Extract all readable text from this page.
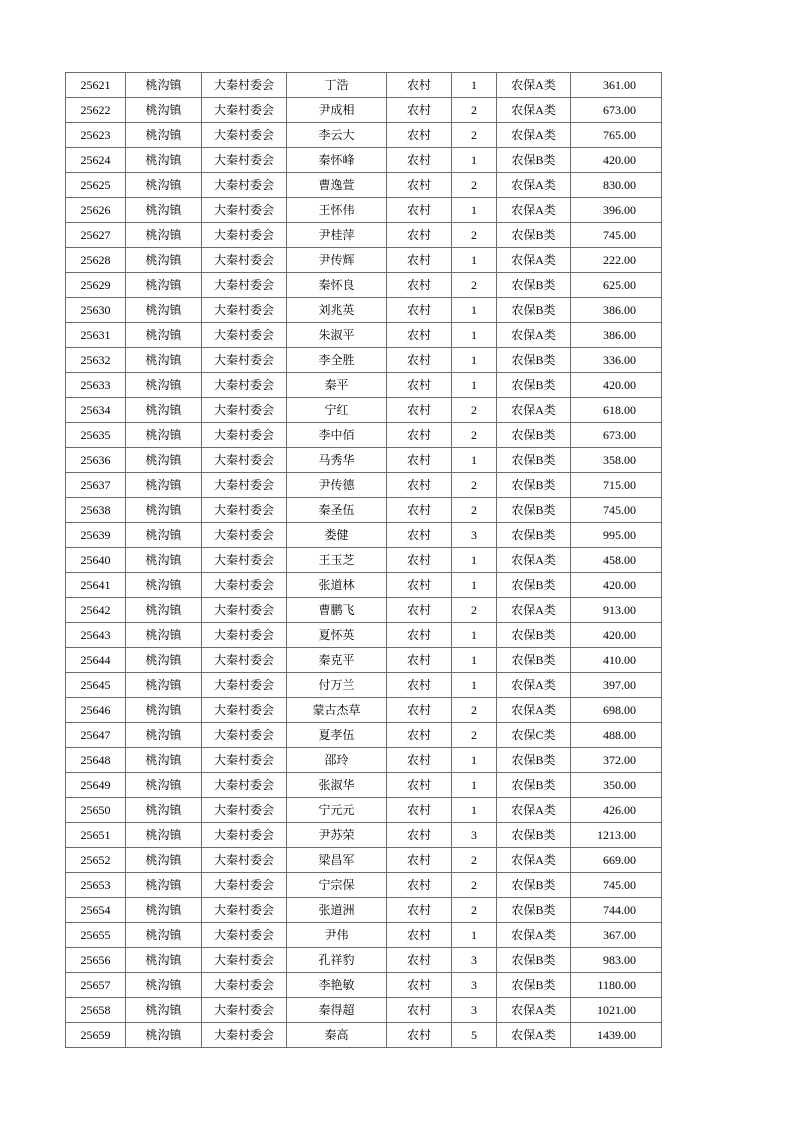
25621	桃沟镇	大秦村委会	丁浩	农村	1	农保A类	361.00
25622	桃沟镇	大秦村委会	尹成相	农村	2	农保A类	673.00
25623	桃沟镇	大秦村委会	李云大	农村	2	农保A类	765.00
25624	桃沟镇	大秦村委会	秦怀峰	农村	1	农保B类	420.00
25625	桃沟镇	大秦村委会	曹逸萱	农村	2	农保A类	830.00
25626	桃沟镇	大秦村委会	王怀伟	农村	1	农保A类	396.00
25627	桃沟镇	大秦村委会	尹桂萍	农村	2	农保B类	745.00
25628	桃沟镇	大秦村委会	尹传辉	农村	1	农保A类	222.00
25629	桃沟镇	大秦村委会	秦怀良	农村	2	农保B类	625.00
25630	桃沟镇	大秦村委会	刘兆英	农村	1	农保B类	386.00
25631	桃沟镇	大秦村委会	朱淑平	农村	1	农保A类	386.00
25632	桃沟镇	大秦村委会	李全胜	农村	1	农保B类	336.00
25633	桃沟镇	大秦村委会	秦平	农村	1	农保B类	420.00
25634	桃沟镇	大秦村委会	宁红	农村	2	农保A类	618.00
25635	桃沟镇	大秦村委会	李中佰	农村	2	农保B类	673.00
25636	桃沟镇	大秦村委会	马秀华	农村	1	农保B类	358.00
25637	桃沟镇	大秦村委会	尹传德	农村	2	农保B类	715.00
25638	桃沟镇	大秦村委会	秦圣伍	农村	2	农保B类	745.00
25639	桃沟镇	大秦村委会	娄健	农村	3	农保B类	995.00
25640	桃沟镇	大秦村委会	王玉芝	农村	1	农保A类	458.00
25641	桃沟镇	大秦村委会	张道林	农村	1	农保B类	420.00
25642	桃沟镇	大秦村委会	曹鹏飞	农村	2	农保A类	913.00
25643	桃沟镇	大秦村委会	夏怀英	农村	1	农保B类	420.00
25644	桃沟镇	大秦村委会	秦克平	农村	1	农保B类	410.00
25645	桃沟镇	大秦村委会	付万兰	农村	1	农保A类	397.00
25646	桃沟镇	大秦村委会	蒙古杰草	农村	2	农保A类	698.00
25647	桃沟镇	大秦村委会	夏孝伍	农村	2	农保C类	488.00
25648	桃沟镇	大秦村委会	邵玲	农村	1	农保B类	372.00
25649	桃沟镇	大秦村委会	张淑华	农村	1	农保B类	350.00
25650	桃沟镇	大秦村委会	宁元元	农村	1	农保A类	426.00
25651	桃沟镇	大秦村委会	尹苏荣	农村	3	农保B类	1213.00
25652	桃沟镇	大秦村委会	梁昌军	农村	2	农保A类	669.00
25653	桃沟镇	大秦村委会	宁宗保	农村	2	农保B类	745.00
25654	桃沟镇	大秦村委会	张道洲	农村	2	农保B类	744.00
25655	桃沟镇	大秦村委会	尹伟	农村	1	农保A类	367.00
25656	桃沟镇	大秦村委会	孔祥豹	农村	3	农保B类	983.00
25657	桃沟镇	大秦村委会	李艳敏	农村	3	农保B类	1180.00
25658	桃沟镇	大秦村委会	秦得超	农村	3	农保A类	1021.00
25659	桃沟镇	大秦村委会	秦高	农村	5	农保A类	1439.00
